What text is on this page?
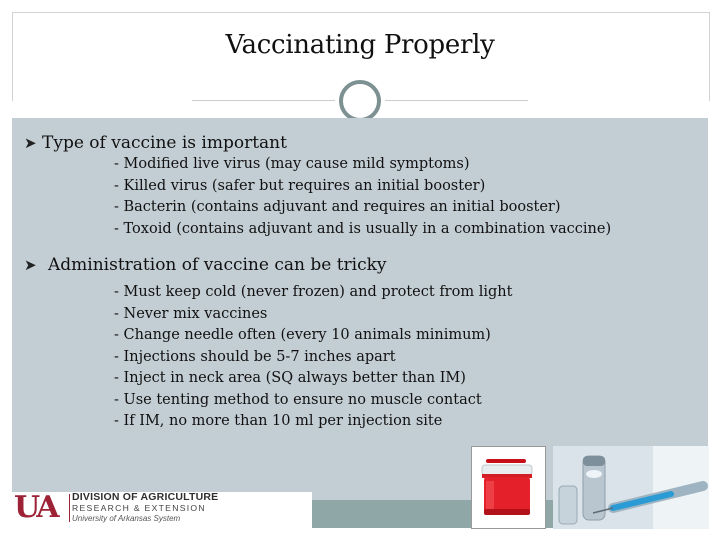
Vaccinating Properly
➤ Type of vaccine is important
- Modified live virus (may cause mild symptoms)
- Killed virus (safer but requires an initial booster)
- Bacterin (contains adjuvant and requires an initial booster)
- Toxoid (contains adjuvant and is usually in a combination vaccine)
➤ Administration of vaccine can be tricky
- Must keep cold (never frozen) and protect from light
- Never mix vaccines
- Change needle often (every 10 animals minimum)
- Injections should be 5-7 inches apart
- Inject in neck area (SQ always better than IM)
- Use tenting method to ensure no muscle contact
- If IM, no more than 10 ml per injection site
UA	DIVISION OF AGRICULTURE
RESEARCH & EXTENSION
University of Arkansas System
